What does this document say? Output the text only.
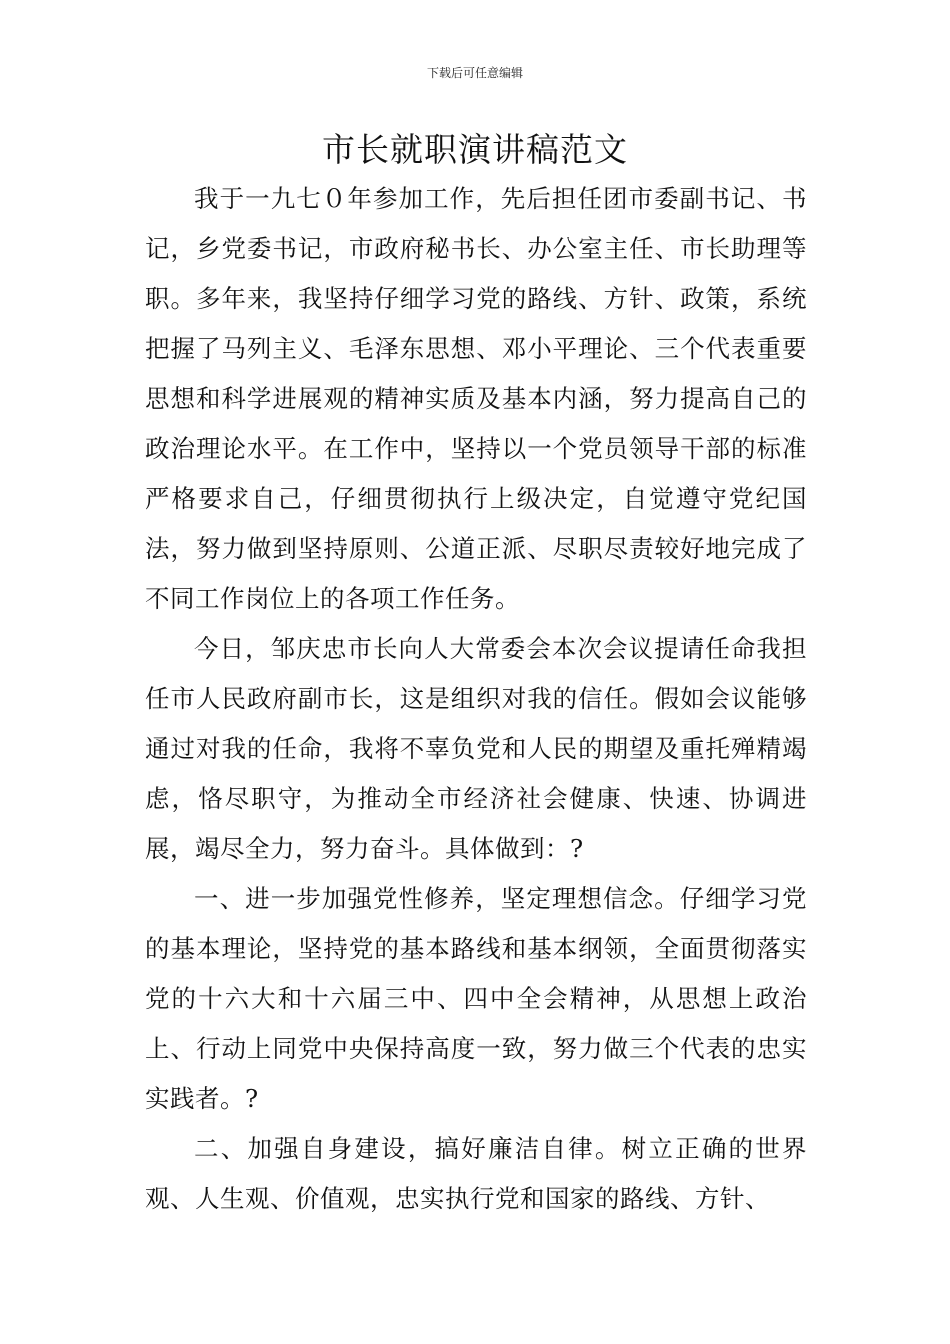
下载后可任意编辑
市长就职演讲稿范文

我于一九七０年参加工作，先后担任团市委副书记、书记，乡党委书记，市政府秘书长、办公室主任、市长助理等职。多年来，我坚持仔细学习党的路线、方针、政策，系统把握了马列主义、毛泽东思想、邓小平理论、三个代表重要思想和科学进展观的精神实质及基本内涵，努力提高自己的政治理论水平。在工作中，坚持以一个党员领导干部的标准严格要求自己，仔细贯彻执行上级决定，自觉遵守党纪国法，努力做到坚持原则、公道正派、尽职尽责较好地完成了不同工作岗位上的各项工作任务。

今日，邹庆忠市长向人大常委会本次会议提请任命我担任市人民政府副市长，这是组织对我的信任。假如会议能够通过对我的任命，我将不辜负党和人民的期望及重托殚精竭虑，恪尽职守，为推动全市经济社会健康、快速、协调进展，竭尽全力，努力奋斗。具体做到：?

一、进一步加强党性修养，坚定理想信念。仔细学习党的基本理论，坚持党的基本路线和基本纲领，全面贯彻落实党的十六大和十六届三中、四中全会精神，从思想上政治上、行动上同党中央保持高度一致，努力做三个代表的忠实实践者。?

二、加强自身建设，搞好廉洁自律。树立正确的世界观、人生观、价值观，忠实执行党和国家的路线、方针、
